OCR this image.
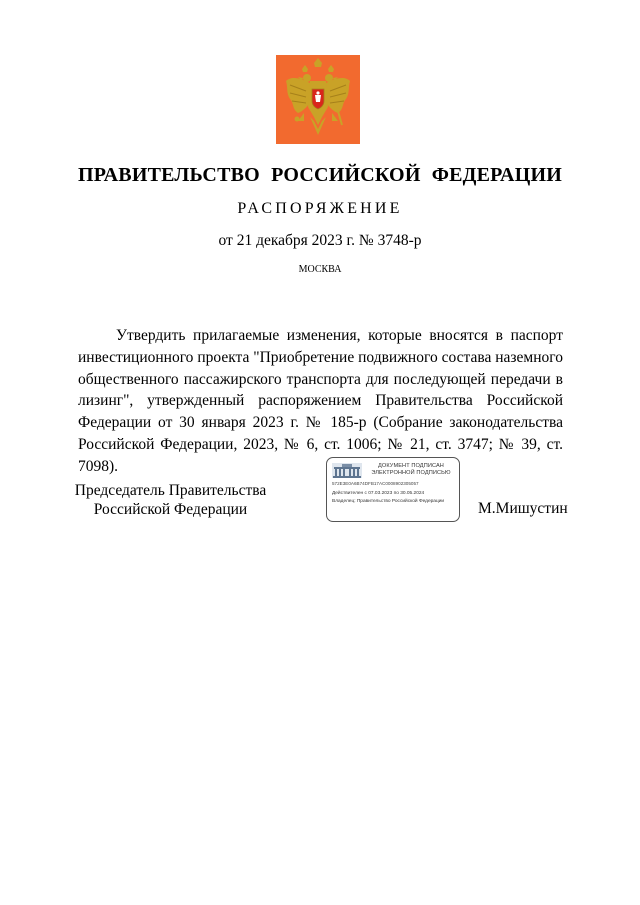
ПРАВИТЕЛЬСТВО РОССИЙСКОЙ ФЕДЕРАЦИИ
РАСПОРЯЖЕНИЕ
от 21 декабря 2023 г. № 3748-р
МОСКВА

Утвердить прилагаемые изменения, которые вносятся в паспорт инвестиционного проекта "Приобретение подвижного состава наземного общественного пассажирского транспорта для последующей передачи в лизинг", утвержденный распоряжением Правительства Российской Федерации от 30 января 2023 г. № 185-р (Собрание законодательства Российской Федерации, 2023, № 6, ст. 1006; № 21, ст. 3747; № 39, ст. 7098).

Председатель Правительства
Российской Федерации
ДОКУМЕНТ ПОДПИСАН
ЭЛЕКТРОННОЙ ПОДПИСЬЮ
572E3E0A6B74DFB17AC0008902305057
Действителен с 07.03.2023 по 30.05.2024
Владелец: Правительство Российской Федерации	М.Мишустин
